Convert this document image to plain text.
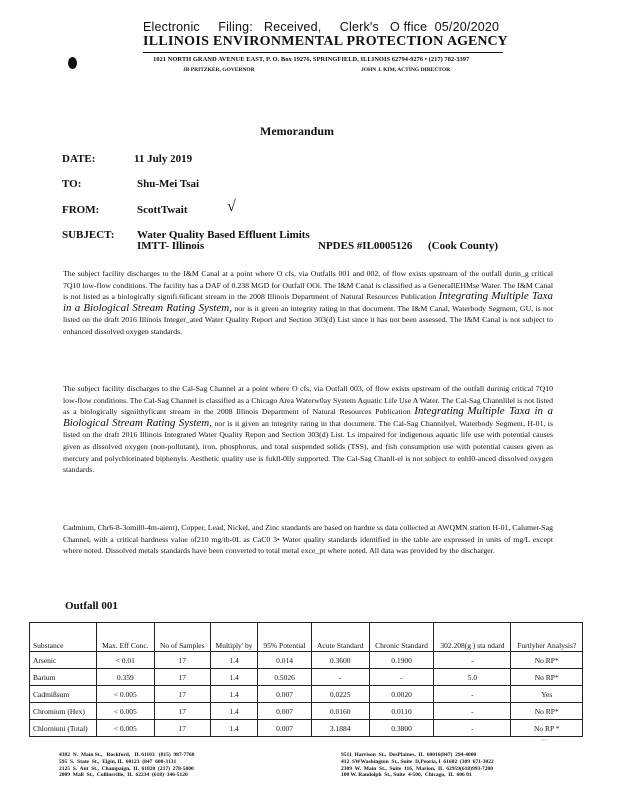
Electronic     Filing:   Received,     Clerk's   O ffice  05/20/2020
ILLINOIS ENVIRONMENTAL PROTECTION AGENCY
1021 NORTH GRAND AVENUE EAST, P. O. Box 19276, SPRINGFIELD, ILLINOIS 62794-9276 • (217) 782-3397
JB PRITZKER, GOVERNOR	JOHN J. KIM, ACTING DIRECTOR
Memorandum
DATE:	11 July 2019
TO:	Shu-Mei Tsai
FROM:	ScottTwait √
SUBJECT: Water Quality Based Effluent Limits
IMTT- Illinois	NPDES #IL0005126 (Cook County)
The subject facility discharges to the I&M Canal at a point where O cfs, via Outfalls 001 and 002, of flow exists upstream of the outfall durin_g critical 7Q10 low-flow conditions. The facility has a DAF of 0.238 MGD for Outfall OOi. The I&M Canal is classified as a GeneraIlEHMse Water. The I&M Canal is not listed as a biologically signifi.6ificant stream in the 2008 Illinois Department of Natural Resources Publication Integrating Multiple Taxa in a Biological Stream Rating System, nor is it given an integrity rating in that document. The I&M Canal, Waterbody Segment, GU, is not listed on the draft 2016 Illinois Integer_ated Water Quality Report and Section 303(d) List since it has not been assessed. The I&M Canal is not subject to enhanced dissolved oxygen standards.
The subject facility discharges to the Cal-Sag Channel at a point where O cfs, via Outfall 003, of flow exists upstream of the outfall durinig critical 7Q10 low-flow conditions. The Cal-Sag Channel is classified as a Chicago Area Waterw0ay System Aquatic Life Use A Water. The Cal-Sag Channlilel is not listed as a biologically signiithyficant stream in the 2008 Illinois Department of Natural Resources Publication Integrating Multiple Taxa in a Biological Stream Rating System, nor is it given an integrity rating in that document. The Cal-Sag Channilyel, Waterbody Segment, H-01, is listed on the draft 2016 Illinois Integrated Water Quality Repon and Section 303(d) List. Ls impaired for indigenous aquatic life use with potential causes given as dissolved oxygen (non-pollutant), iron, phosphorus, and total suspended solids (TSS), and fish consumption use with potential causes given as mercury and polychlorinated biphenyls. Aesthetic quality use is fukll-0lly supported. The Cal-Sag Chanll-el is not subject to enhI0-anced dissolved oxygen standards.
Cadmium, Chr6-8-3omil0-4m-aient), Copper, Lead, Nickel, and Zinc standards are based on hardne ss data collected at AWQMN station H-01, Calumet-Sag Channel, with a critical hardness value of210 mg/th-0L as CaC0 3• Water quality standards identified in the table are expressed in units of mg/L except where noted. Dissolved metals standards have been converted to total metal exce_pt where noted. All data was provided by the discharger.
Outfall 001
Substance	Max. Eff Conc.	No of Samples	Multiply' by	95% Potential	Acute Standard	Chronic Standard	302.208(g ) sta ndard	Furtlyher Analysis?
Arsenic	< 0.01	17	1.4	0.014	0.3600	0.1900	-	No RP*
Barium	0.359	17	1.4	0.5026	-	-	5.0	No RP*
Cadmißsum	< 0.005	17	1.4	0.007	0.0225	0.0020	-	Yes
Chromium (Hex)	< 0.005	17	1.4	0.007	0.0160	0.0110	-	No RP*
Chlorniuni (Total)	< 0.005	17	1.4	0.007	3.1884	0.3800	-	No RP *
~~
4382  N.  Main St.,   Rockford,   IL 61103   (815)  987-7760
595  S.  State  St.,  Elgin, IL  60123  (847  608-3131
2125  S.  Ant  St.,  Champaign,  IL  61820  (217)  278-5800
2009  Mall  St.,  Collinsville,  IL  62234  (618)  346-5120
9511  Harrison  St.,  DesPlaines,  IL  60016(847)  294-4000
412  SWWashington  St., Suite  D,Peoria, I  61602  (309  671-3022
2309  W.  Main  St.,  Suite  116,  Marion,  IL  62959(618)993-7200
100 W. Randolph  St., Suite  4-500,  Chicago,  IL  606 01
